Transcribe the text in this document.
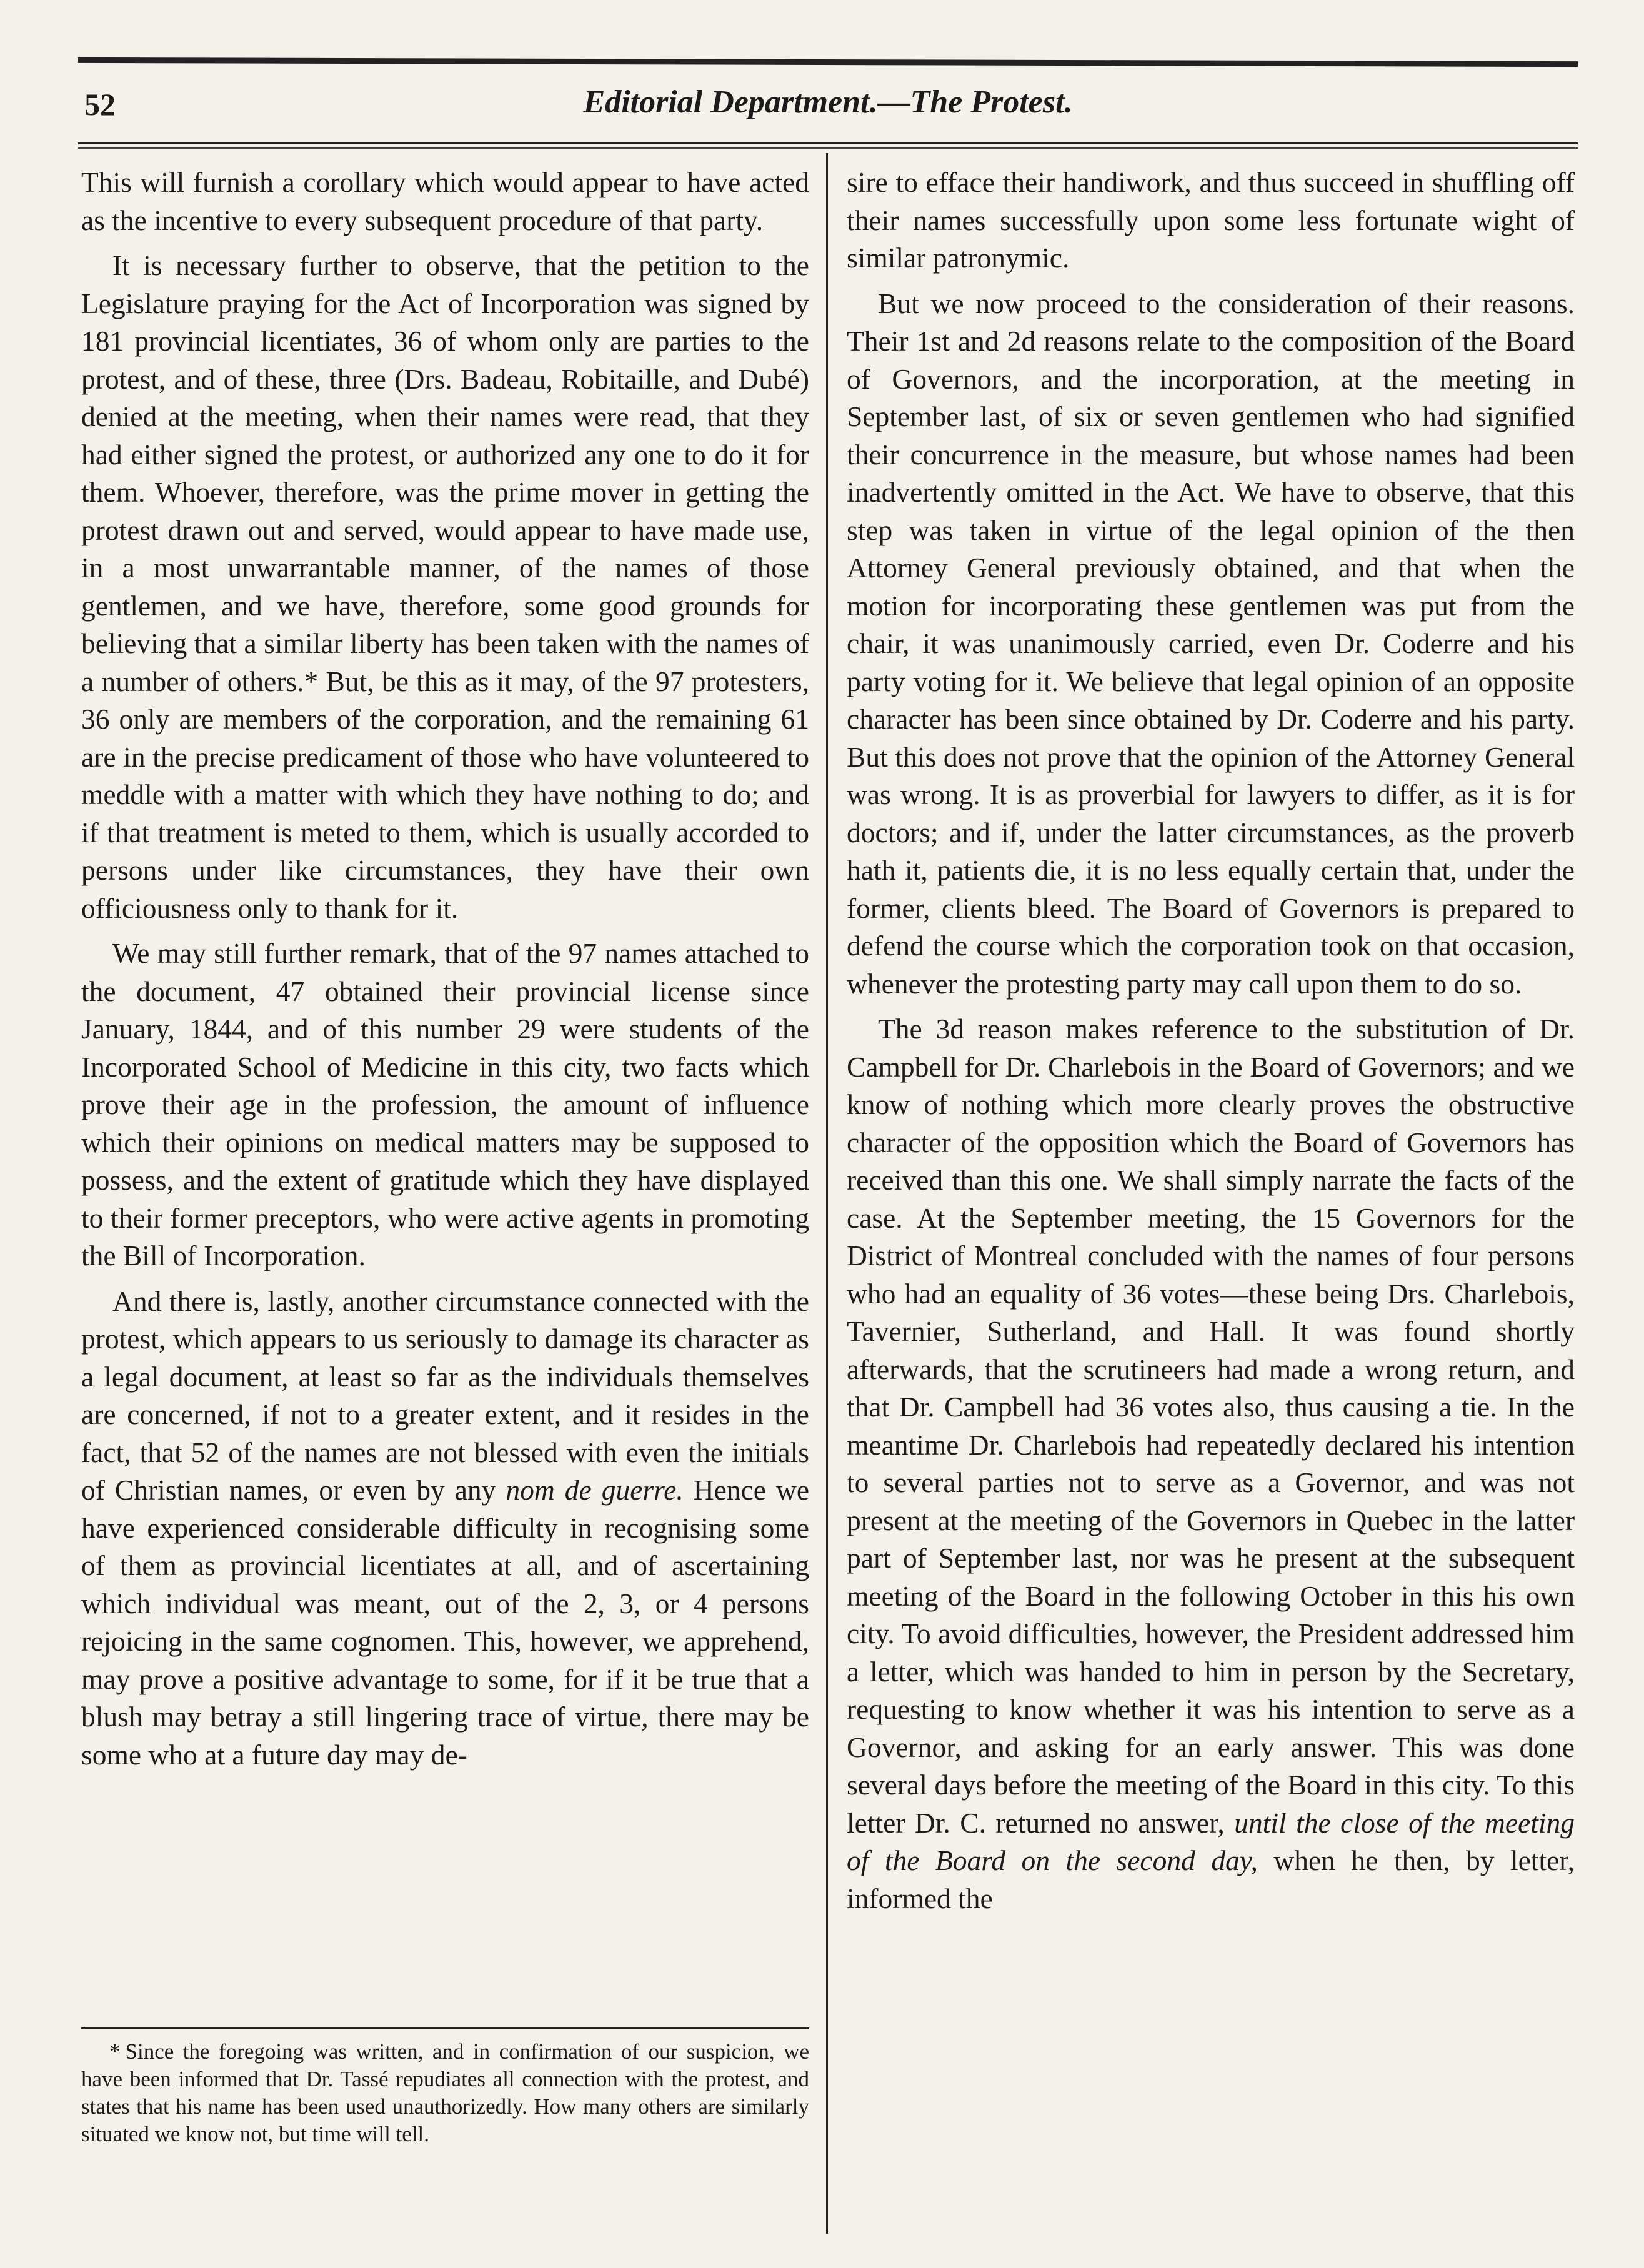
52	Editorial Department.—The Protest.

This will furnish a corollary which would appear to have acted as the incentive to every subsequent procedure of that party.

It is necessary further to observe, that the petition to the Legislature praying for the Act of Incorporation was signed by 181 provincial licentiates, 36 of whom only are parties to the protest, and of these, three (Drs. Badeau, Robitaille, and Dubé) denied at the meeting, when their names were read, that they had either signed the protest, or authorized any one to do it for them. Whoever, therefore, was the prime mover in getting the protest drawn out and served, would appear to have made use, in a most unwarrantable manner, of the names of those gentlemen, and we have, therefore, some good grounds for believing that a similar liberty has been taken with the names of a number of others.* But, be this as it may, of the 97 protesters, 36 only are members of the corporation, and the remaining 61 are in the precise predicament of those who have volunteered to meddle with a matter with which they have nothing to do; and if that treatment is meted to them, which is usually accorded to persons under like circumstances, they have their own officiousness only to thank for it.

We may still further remark, that of the 97 names attached to the document, 47 obtained their provincial license since January, 1844, and of this number 29 were students of the Incorporated School of Medicine in this city, two facts which prove their age in the profession, the amount of influence which their opinions on medical matters may be supposed to possess, and the extent of gratitude which they have displayed to their former preceptors, who were active agents in promoting the Bill of Incorporation.

And there is, lastly, another circumstance connected with the protest, which appears to us seriously to damage its character as a legal document, at least so far as the individuals themselves are concerned, if not to a greater extent, and it resides in the fact, that 52 of the names are not blessed with even the initials of Christian names, or even by any nom de guerre. Hence we have experienced considerable difficulty in recognising some of them as provincial licentiates at all, and of ascertaining which individual was meant, out of the 2, 3, or 4 persons rejoicing in the same cognomen. This, however, we apprehend, may prove a positive advantage to some, for if it be true that a blush may betray a still lingering trace of virtue, there may be some who at a future day may de-

* Since the foregoing was written, and in confirmation of our suspicion, we have been informed that Dr. Tassé repudiates all connection with the protest, and states that his name has been used unauthorizedly. How many others are similarly situated we know not, but time will tell.

sire to efface their handiwork, and thus succeed in shuffling off their names successfully upon some less fortunate wight of similar patronymic.

But we now proceed to the consideration of their reasons. Their 1st and 2d reasons relate to the composition of the Board of Governors, and the incorporation, at the meeting in September last, of six or seven gentlemen who had signified their concurrence in the measure, but whose names had been inadvertently omitted in the Act. We have to observe, that this step was taken in virtue of the legal opinion of the then Attorney General previously obtained, and that when the motion for incorporating these gentlemen was put from the chair, it was unanimously carried, even Dr. Coderre and his party voting for it. We believe that legal opinion of an opposite character has been since obtained by Dr. Coderre and his party. But this does not prove that the opinion of the Attorney General was wrong. It is as proverbial for lawyers to differ, as it is for doctors; and if, under the latter circumstances, as the proverb hath it, patients die, it is no less equally certain that, under the former, clients bleed. The Board of Governors is prepared to defend the course which the corporation took on that occasion, whenever the protesting party may call upon them to do so.

The 3d reason makes reference to the substitution of Dr. Campbell for Dr. Charlebois in the Board of Governors; and we know of nothing which more clearly proves the obstructive character of the opposition which the Board of Governors has received than this one. We shall simply narrate the facts of the case. At the September meeting, the 15 Governors for the District of Montreal concluded with the names of four persons who had an equality of 36 votes—these being Drs. Charlebois, Tavernier, Sutherland, and Hall. It was found shortly afterwards, that the scrutineers had made a wrong return, and that Dr. Campbell had 36 votes also, thus causing a tie. In the meantime Dr. Charlebois had repeatedly declared his intention to several parties not to serve as a Governor, and was not present at the meeting of the Governors in Quebec in the latter part of September last, nor was he present at the subsequent meeting of the Board in the following October in this his own city. To avoid difficulties, however, the President addressed him a letter, which was handed to him in person by the Secretary, requesting to know whether it was his intention to serve as a Governor, and asking for an early answer. This was done several days before the meeting of the Board in this city. To this letter Dr. C. returned no answer, until the close of the meeting of the Board on the second day, when he then, by letter, informed the
